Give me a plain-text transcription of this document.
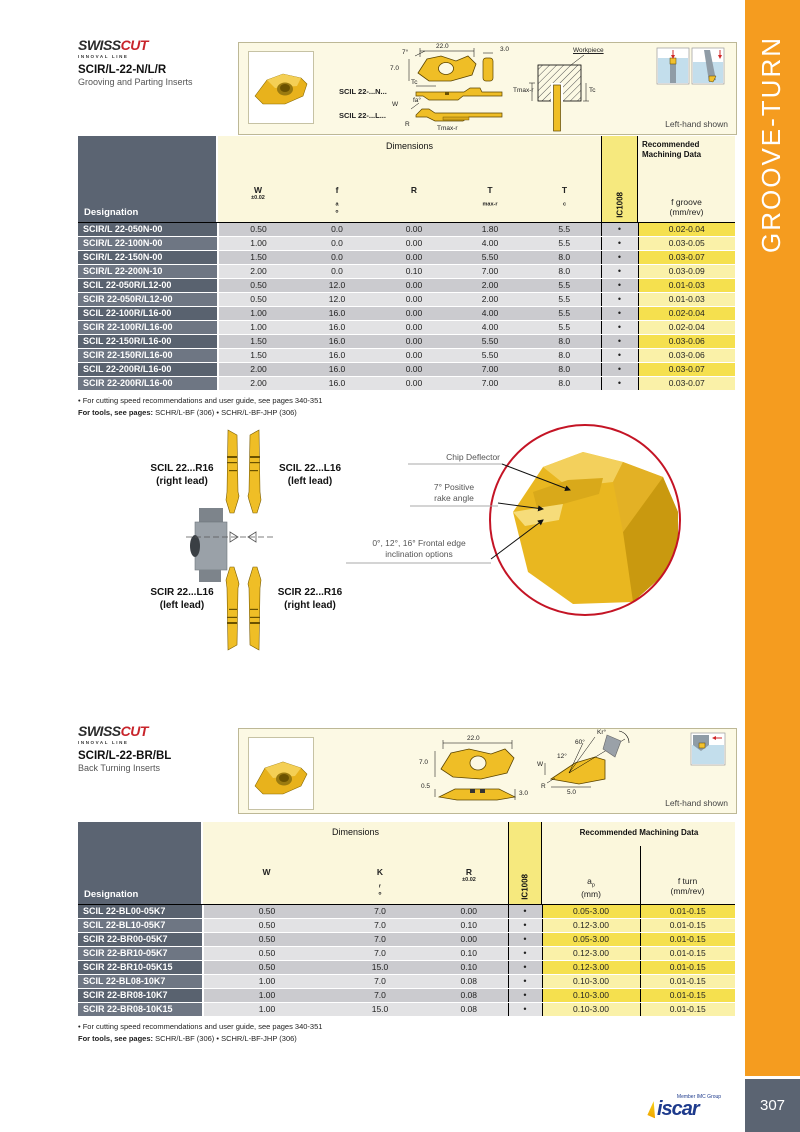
GROOVE-TURN
307
Member IMC Group
iscar
SWISSCUT
INNOVAL LINE
SCIR/L-22-N/L/R
Grooving and Parting Inserts
SCIL 22-...N...
SCIL 22-...L...
7°
22.0
7.0
3.0
Tc
W
fa°
R
Tmax-r
Tmax-r	Tc
Workpiece
Left-hand shown
Designation
Dimensions
W
$^{\pm 0.02}$
f
$_a$
°
R	T
$_{max-r}$
T
$_c$	IC1008
Recommended Machining Data
f groove
(mm/rev)
SCIR/L 22-050N-00	0.50	0.0	0.00	1.80	5.5	•	0.02-0.04
SCIR/L 22-100N-00	1.00	0.0	0.00	4.00	5.5	•	0.03-0.05
SCIR/L 22-150N-00	1.50	0.0	0.00	5.50	8.0	•	0.03-0.07
SCIR/L 22-200N-10	2.00	0.0	0.10	7.00	8.0	•	0.03-0.09
SCIL 22-050R/L12-00	0.50	12.0	0.00	2.00	5.5	•	0.01-0.03
SCIR 22-050R/L12-00	0.50	12.0	0.00	2.00	5.5	•	0.01-0.03
SCIL 22-100R/L16-00	1.00	16.0	0.00	4.00	5.5	•	0.02-0.04
SCIR 22-100R/L16-00	1.00	16.0	0.00	4.00	5.5	•	0.02-0.04
SCIL 22-150R/L16-00	1.50	16.0	0.00	5.50	8.0	•	0.03-0.06
SCIR 22-150R/L16-00	1.50	16.0	0.00	5.50	8.0	•	0.03-0.06
SCIL 22-200R/L16-00	2.00	16.0	0.00	7.00	8.0	•	0.03-0.07
SCIR 22-200R/L16-00	2.00	16.0	0.00	7.00	8.0	•	0.03-0.07
• For cutting speed recommendations and user guide, see pages 340-351
For tools, see pages: SCHR/L-BF (306) • SCHR/L-BF-JHP (306)
SCIL 22...R16
(right lead)
SCIL 22...L16
(left lead)
SCIR 22...L16
(left lead)
SCIR 22...R16
(right lead)
Chip Deflector
7° Positive
rake angle
0°, 12°, 16° Frontal edge
inclination options
SWISSCUT
INNOVAL LINE
SCIR/L-22-BR/BL
Back Turning Inserts
22.0
7.0
0.5
3.0
60°
12°
Kr°
W
R
5.0
Left-hand shown
Designation
Dimensions
W	K
$_r$
°
R
$^{\pm 0.02}$	IC1008
Recommended Machining Data
$a_p$
(mm)
f turn
(mm/rev)
SCIL 22-BL00-05K7	0.50	7.0	0.00	•	0.05-3.00	0.01-0.15
SCIL 22-BL10-05K7	0.50	7.0	0.10	•	0.12-3.00	0.01-0.15
SCIR 22-BR00-05K7	0.50	7.0	0.00	•	0.05-3.00	0.01-0.15
SCIR 22-BR10-05K7	0.50	7.0	0.10	•	0.12-3.00	0.01-0.15
SCIR 22-BR10-05K15	0.50	15.0	0.10	•	0.12-3.00	0.01-0.15
SCIL 22-BL08-10K7	1.00	7.0	0.08	•	0.10-3.00	0.01-0.15
SCIR 22-BR08-10K7	1.00	7.0	0.08	•	0.10-3.00	0.01-0.15
SCIR 22-BR08-10K15	1.00	15.0	0.08	•	0.10-3.00	0.01-0.15
• For cutting speed recommendations and user guide, see pages 340-351
For tools, see pages: SCHR/L-BF (306) • SCHR/L-BF-JHP (306)
